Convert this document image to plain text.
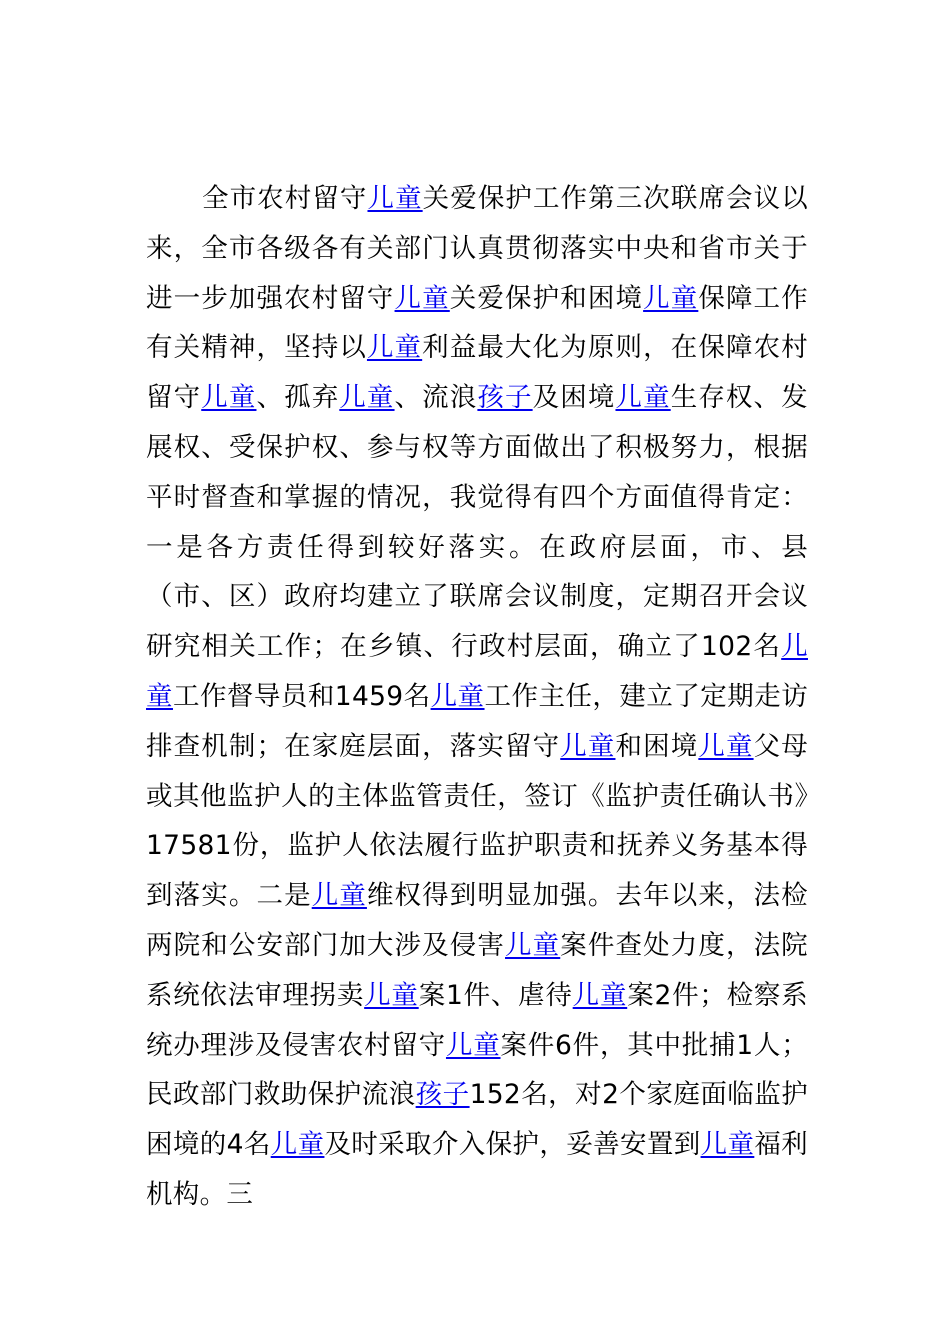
全市农村留守儿童关爱保护工作第三次联席会议以来，全市各级各有关部门认真贯彻落实中央和省市关于进一步加强农村留守儿童关爱保护和困境儿童保障工作有关精神，坚持以儿童利益最大化为原则，在保障农村留守儿童、孤弃儿童、流浪孩子及困境儿童生存权、发展权、受保护权、参与权等方面做出了积极努力，根据平时督查和掌握的情况，我觉得有四个方面值得肯定：一是各方责任得到较好落实。在政府层面，市、县（市、区）政府均建立了联席会议制度，定期召开会议研究相关工作；在乡镇、行政村层面，确立了102名儿童工作督导员和1459名儿童工作主任，建立了定期走访排查机制；在家庭层面，落实留守儿童和困境儿童父母或其他监护人的主体监管责任，签订《监护责任确认书》17581份，监护人依法履行监护职责和抚养义务基本得到落实。二是儿童维权得到明显加强。去年以来，法检两院和公安部门加大涉及侵害儿童案件查处力度，法院系统依法审理拐卖儿童案1件、虐待儿童案2件；检察系统办理涉及侵害农村留守儿童案件6件，其中批捕1人；民政部门救助保护流浪孩子152名，对2个家庭面临监护困境的4名儿童及时采取介入保护，妥善安置到儿童福利机构。三
